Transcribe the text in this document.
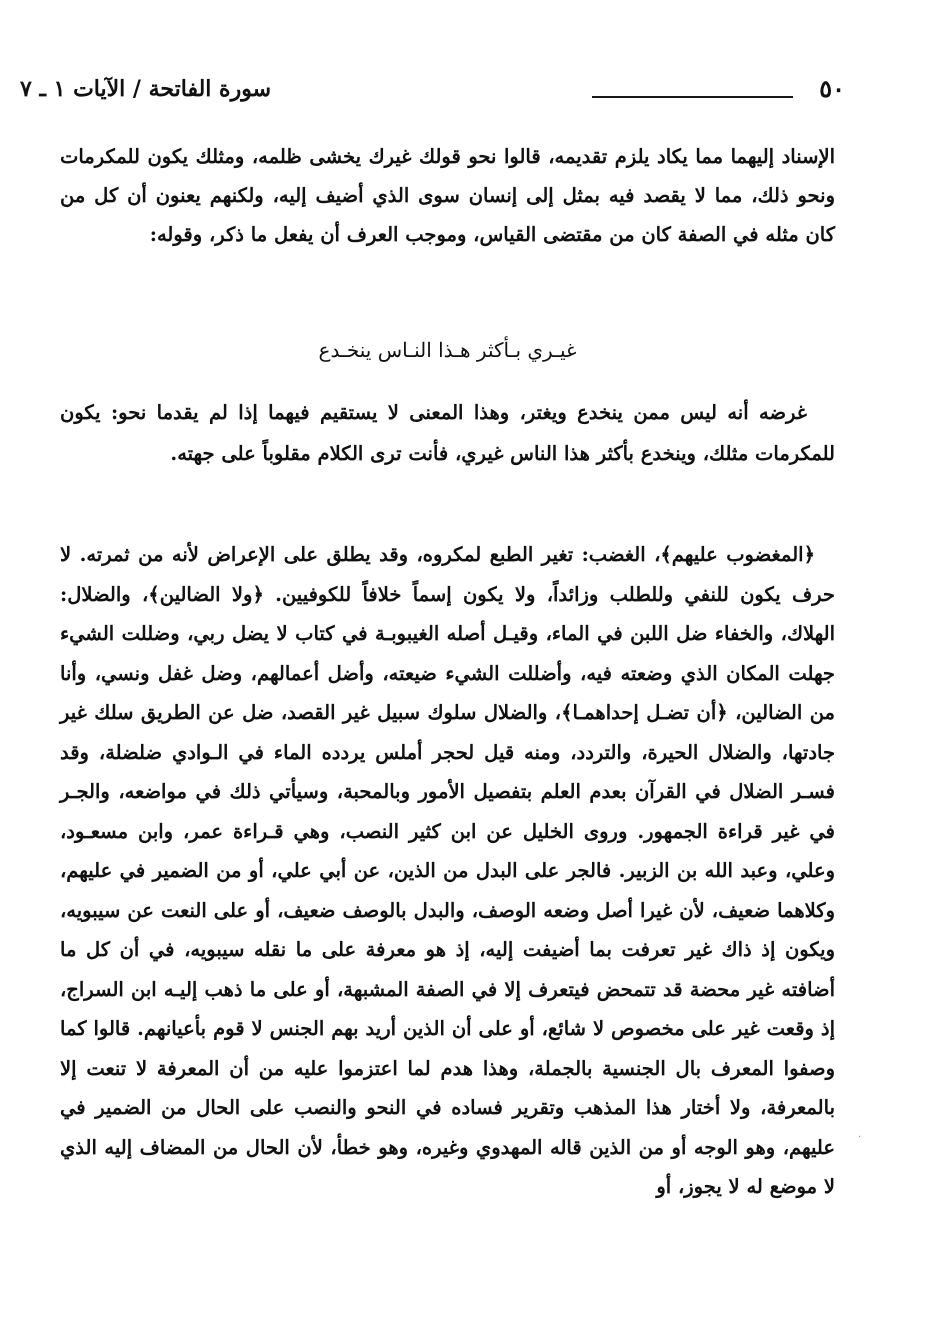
٥٠
سورة الفاتحة / الآيات ١ ـ ٧

الإسناد إليهما مما يكاد يلزم تقديمه، قالوا نحو قولك غيرك يخشى ظلمه، ومثلك يكون للمكرمات ونحو ذلك، مما لا يقصد فيه بمثل إلى إنسان سوى الذي أضيف إليه، ولكنهم يعنون أن كل من كان مثله في الصفة كان من مقتضى القياس، وموجب العرف أن يفعل ما ذكر، وقوله:

غيـري بـأكثر هـذا النـاس ينخـدع

غرضه أنه ليس ممن ينخدع ويغتر، وهذا المعنى لا يستقيم فيهما إذا لم يقدما نحو: يكون للمكرمات مثلك، وينخدع بأكثر هذا الناس غيري، فأنت ترى الكلام مقلوباً على جهته.

﴿المغضوب عليهم﴾، الغضب: تغير الطبع لمكروه، وقد يطلق على الإعراض لأنه من ثمرته. لا حرف يكون للنفي وللطلب وزائداً، ولا يكون إسماً خلافاً للكوفيين. ﴿ولا الضالين﴾، والضلال: الهلاك، والخفاء ضل اللبن في الماء، وقيـل أصله الغيبوبـة في كتاب لا يضل ربي، وضللت الشيء جهلت المكان الذي وضعته فيه، وأضللت الشيء ضيعته، وأضل أعمالهم، وضل غفل ونسي، وأنا من الضالين، ﴿أن تضـل إحداهمـا﴾، والضلال سلوك سبيل غير القصد، ضل عن الطريق سلك غير جادتها، والضلال الحيرة، والتردد، ومنه قيل لحجر أملس يردده الماء في الـوادي ضلضلة، وقد فسـر الضلال في القرآن بعدم العلم بتفصيل الأمور وبالمحبة، وسيأتي ذلك في مواضعه، والجـر في غير قراءة الجمهور. وروى الخليل عن ابن كثير النصب، وهي قـراءة عمر، وابن مسعـود، وعلي، وعبد الله بن الزبير. فالجر على البدل من الذين، عن أبي علي، أو من الضمير في عليهم، وكلاهما ضعيف، لأن غيرا أصل وضعه الوصف، والبدل بالوصف ضعيف، أو على النعت عن سيبويه، ويكون إذ ذاك غير تعرفت بما أضيفت إليه، إذ هو معرفة على ما نقله سيبويه، في أن كل ما أضافته غير محضة قد تتمحض فيتعرف إلا في الصفة المشبهة، أو على ما ذهب إليـه ابن السراج، إذ وقعت غير على مخصوص لا شائع، أو على أن الذين أريد بهم الجنس لا قوم بأعيانهم. قالوا كما وصفوا المعرف بال الجنسية بالجملة، وهذا هدم لما اعتزموا عليه من أن المعرفة لا تنعت إلا بالمعرفة، ولا أختار هذا المذهب وتقرير فساده في النحو والنصب على الحال من الضمير في عليهم، وهو الوجه أو من الذين قاله المهدوي وغيره، وهو خطأ، لأن الحال من المضاف إليه الذي لا موضع له لا يجوز، أو

·
